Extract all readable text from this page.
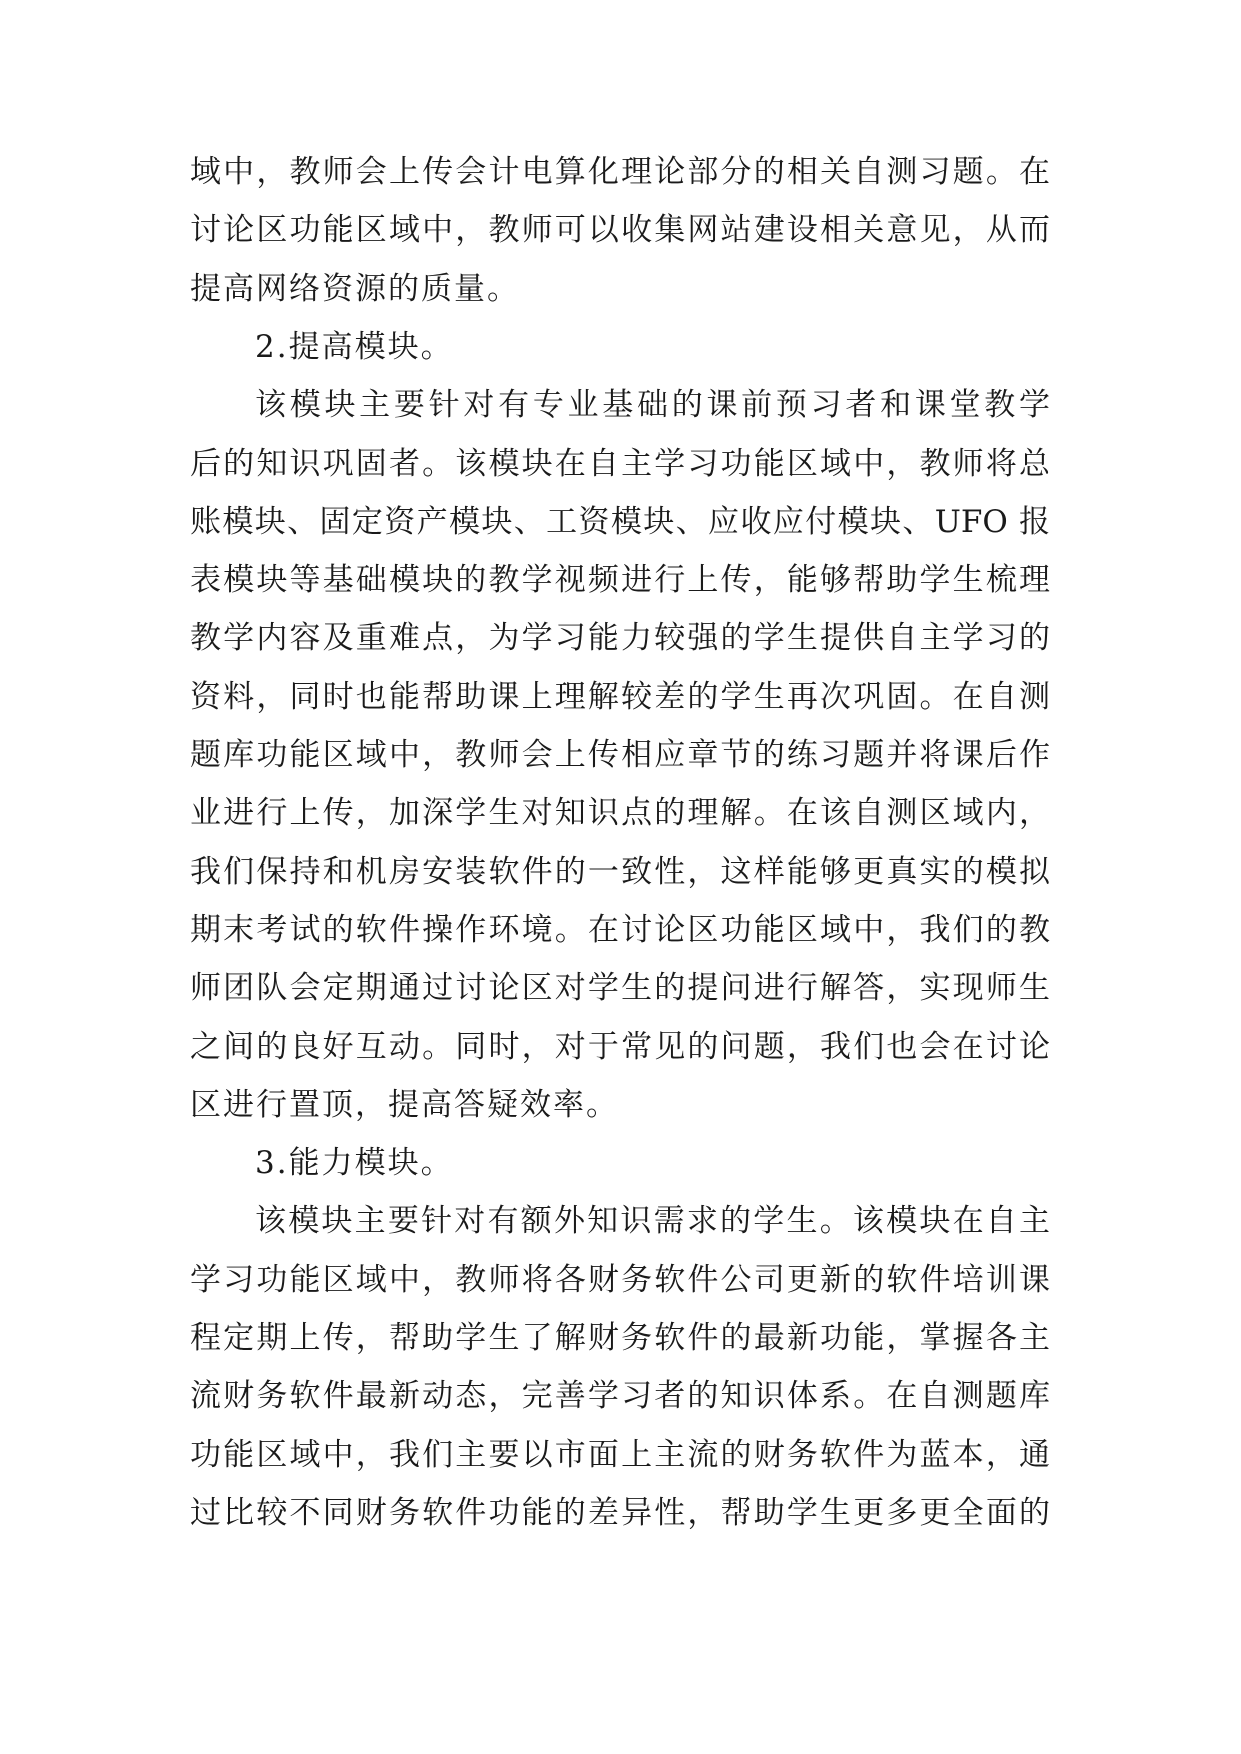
域中，教师会上传会计电算化理论部分的相关自测习题。在
讨论区功能区域中，教师可以收集网站建设相关意见，从而
提高网络资源的质量。
2.提高模块。
该模块主要针对有专业基础的课前预习者和课堂教学
后的知识巩固者。该模块在自主学习功能区域中，教师将总
账模块、固定资产模块、工资模块、应收应付模块、UFO 报
表模块等基础模块的教学视频进行上传，能够帮助学生梳理
教学内容及重难点，为学习能力较强的学生提供自主学习的
资料，同时也能帮助课上理解较差的学生再次巩固。在自测
题库功能区域中，教师会上传相应章节的练习题并将课后作
业进行上传，加深学生对知识点的理解。在该自测区域内，
我们保持和机房安装软件的一致性，这样能够更真实的模拟
期末考试的软件操作环境。在讨论区功能区域中，我们的教
师团队会定期通过讨论区对学生的提问进行解答，实现师生
之间的良好互动。同时，对于常见的问题，我们也会在讨论
区进行置顶，提高答疑效率。
3.能力模块。
该模块主要针对有额外知识需求的学生。该模块在自主
学习功能区域中，教师将各财务软件公司更新的软件培训课
程定期上传，帮助学生了解财务软件的最新功能，掌握各主
流财务软件最新动态，完善学习者的知识体系。在自测题库
功能区域中，我们主要以市面上主流的财务软件为蓝本，通
过比较不同财务软件功能的差异性，帮助学生更多更全面的
